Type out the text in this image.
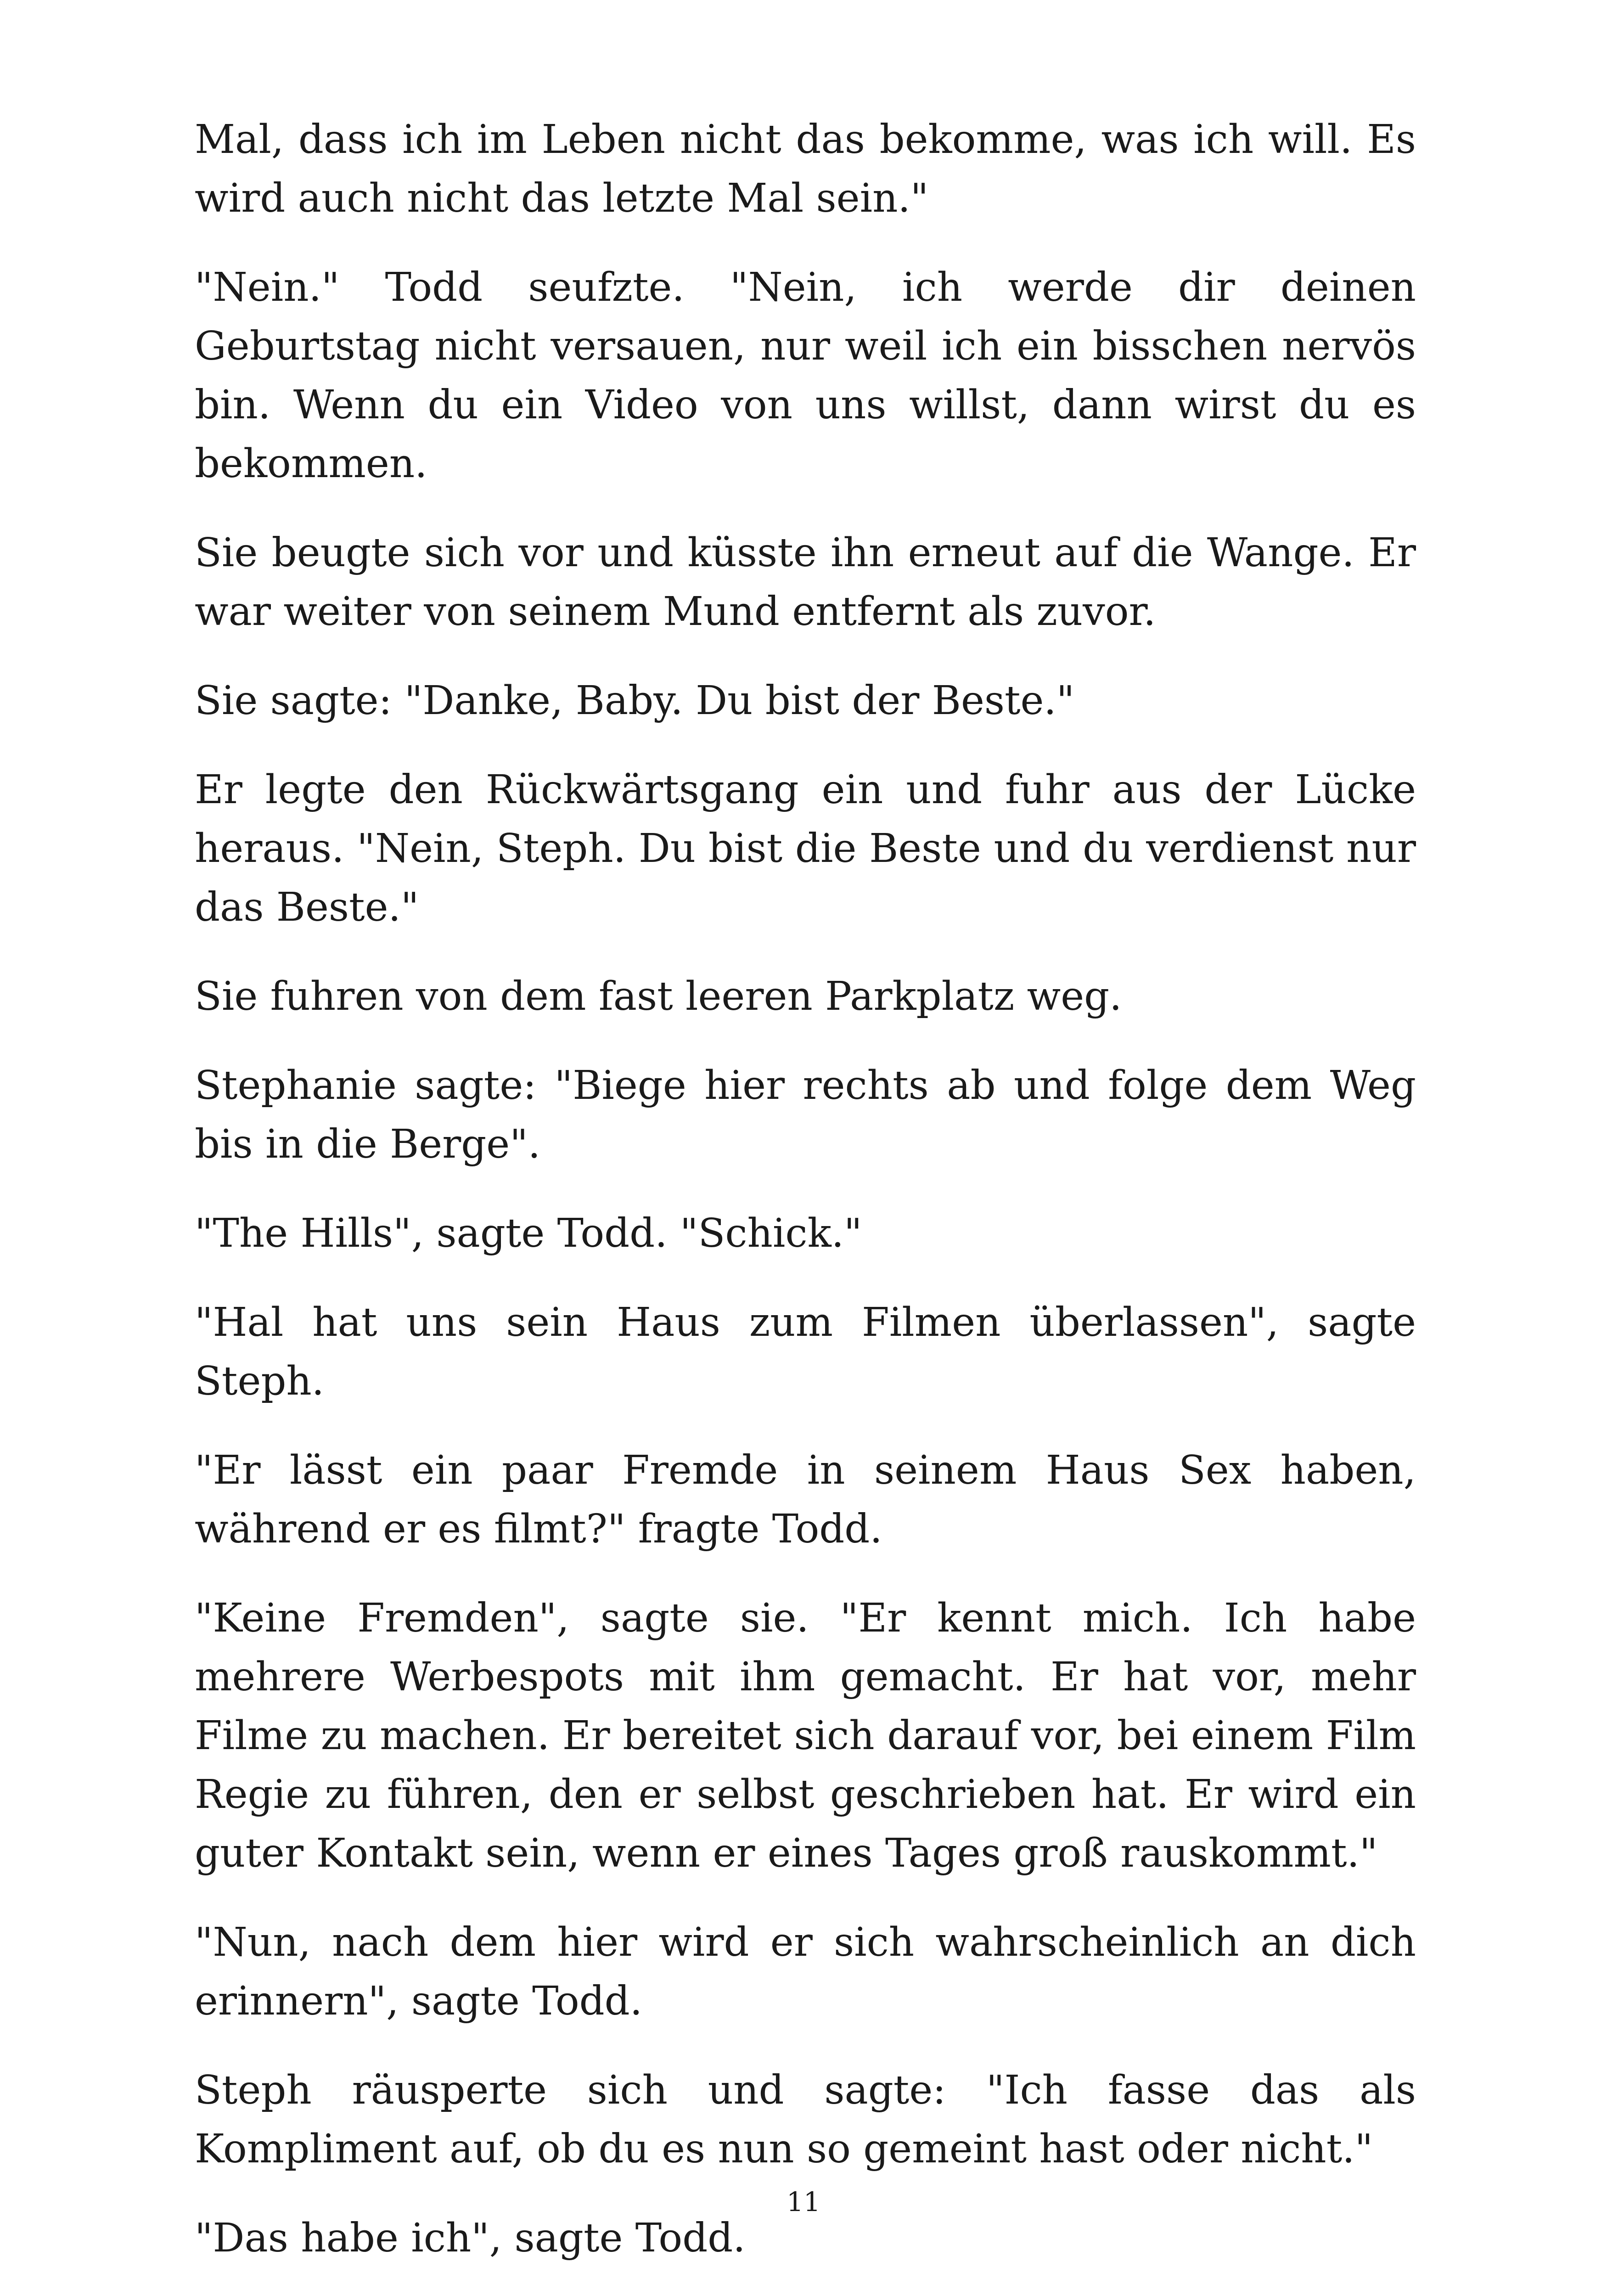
Mal, dass ich im Leben nicht das bekomme, was ich will. Es wird auch nicht das letzte Mal sein."

"Nein." Todd seufzte. "Nein, ich werde dir deinen Geburtstag nicht versauen, nur weil ich ein bisschen nervös bin. Wenn du ein Video von uns willst, dann wirst du es bekommen.

Sie beugte sich vor und küsste ihn erneut auf die Wange. Er war weiter von seinem Mund entfernt als zuvor.

Sie sagte: "Danke, Baby. Du bist der Beste."

Er legte den Rückwärtsgang ein und fuhr aus der Lücke heraus. "Nein, Steph. Du bist die Beste und du verdienst nur das Beste."

Sie fuhren von dem fast leeren Parkplatz weg.

Stephanie sagte: "Biege hier rechts ab und folge dem Weg bis in die Berge".

"The Hills", sagte Todd. "Schick."

"Hal hat uns sein Haus zum Filmen überlassen", sagte Steph.

"Er lässt ein paar Fremde in seinem Haus Sex haben, während er es filmt?" fragte Todd.

"Keine Fremden", sagte sie. "Er kennt mich. Ich habe mehrere Werbespots mit ihm gemacht. Er hat vor, mehr Filme zu machen. Er bereitet sich darauf vor, bei einem Film Regie zu führen, den er selbst geschrieben hat. Er wird ein guter Kontakt sein, wenn er eines Tages groß rauskommt."

"Nun, nach dem hier wird er sich wahrscheinlich an dich erinnern", sagte Todd.

Steph räusperte sich und sagte: "Ich fasse das als Kompliment auf, ob du es nun so gemeint hast oder nicht."

"Das habe ich", sagte Todd.

11
